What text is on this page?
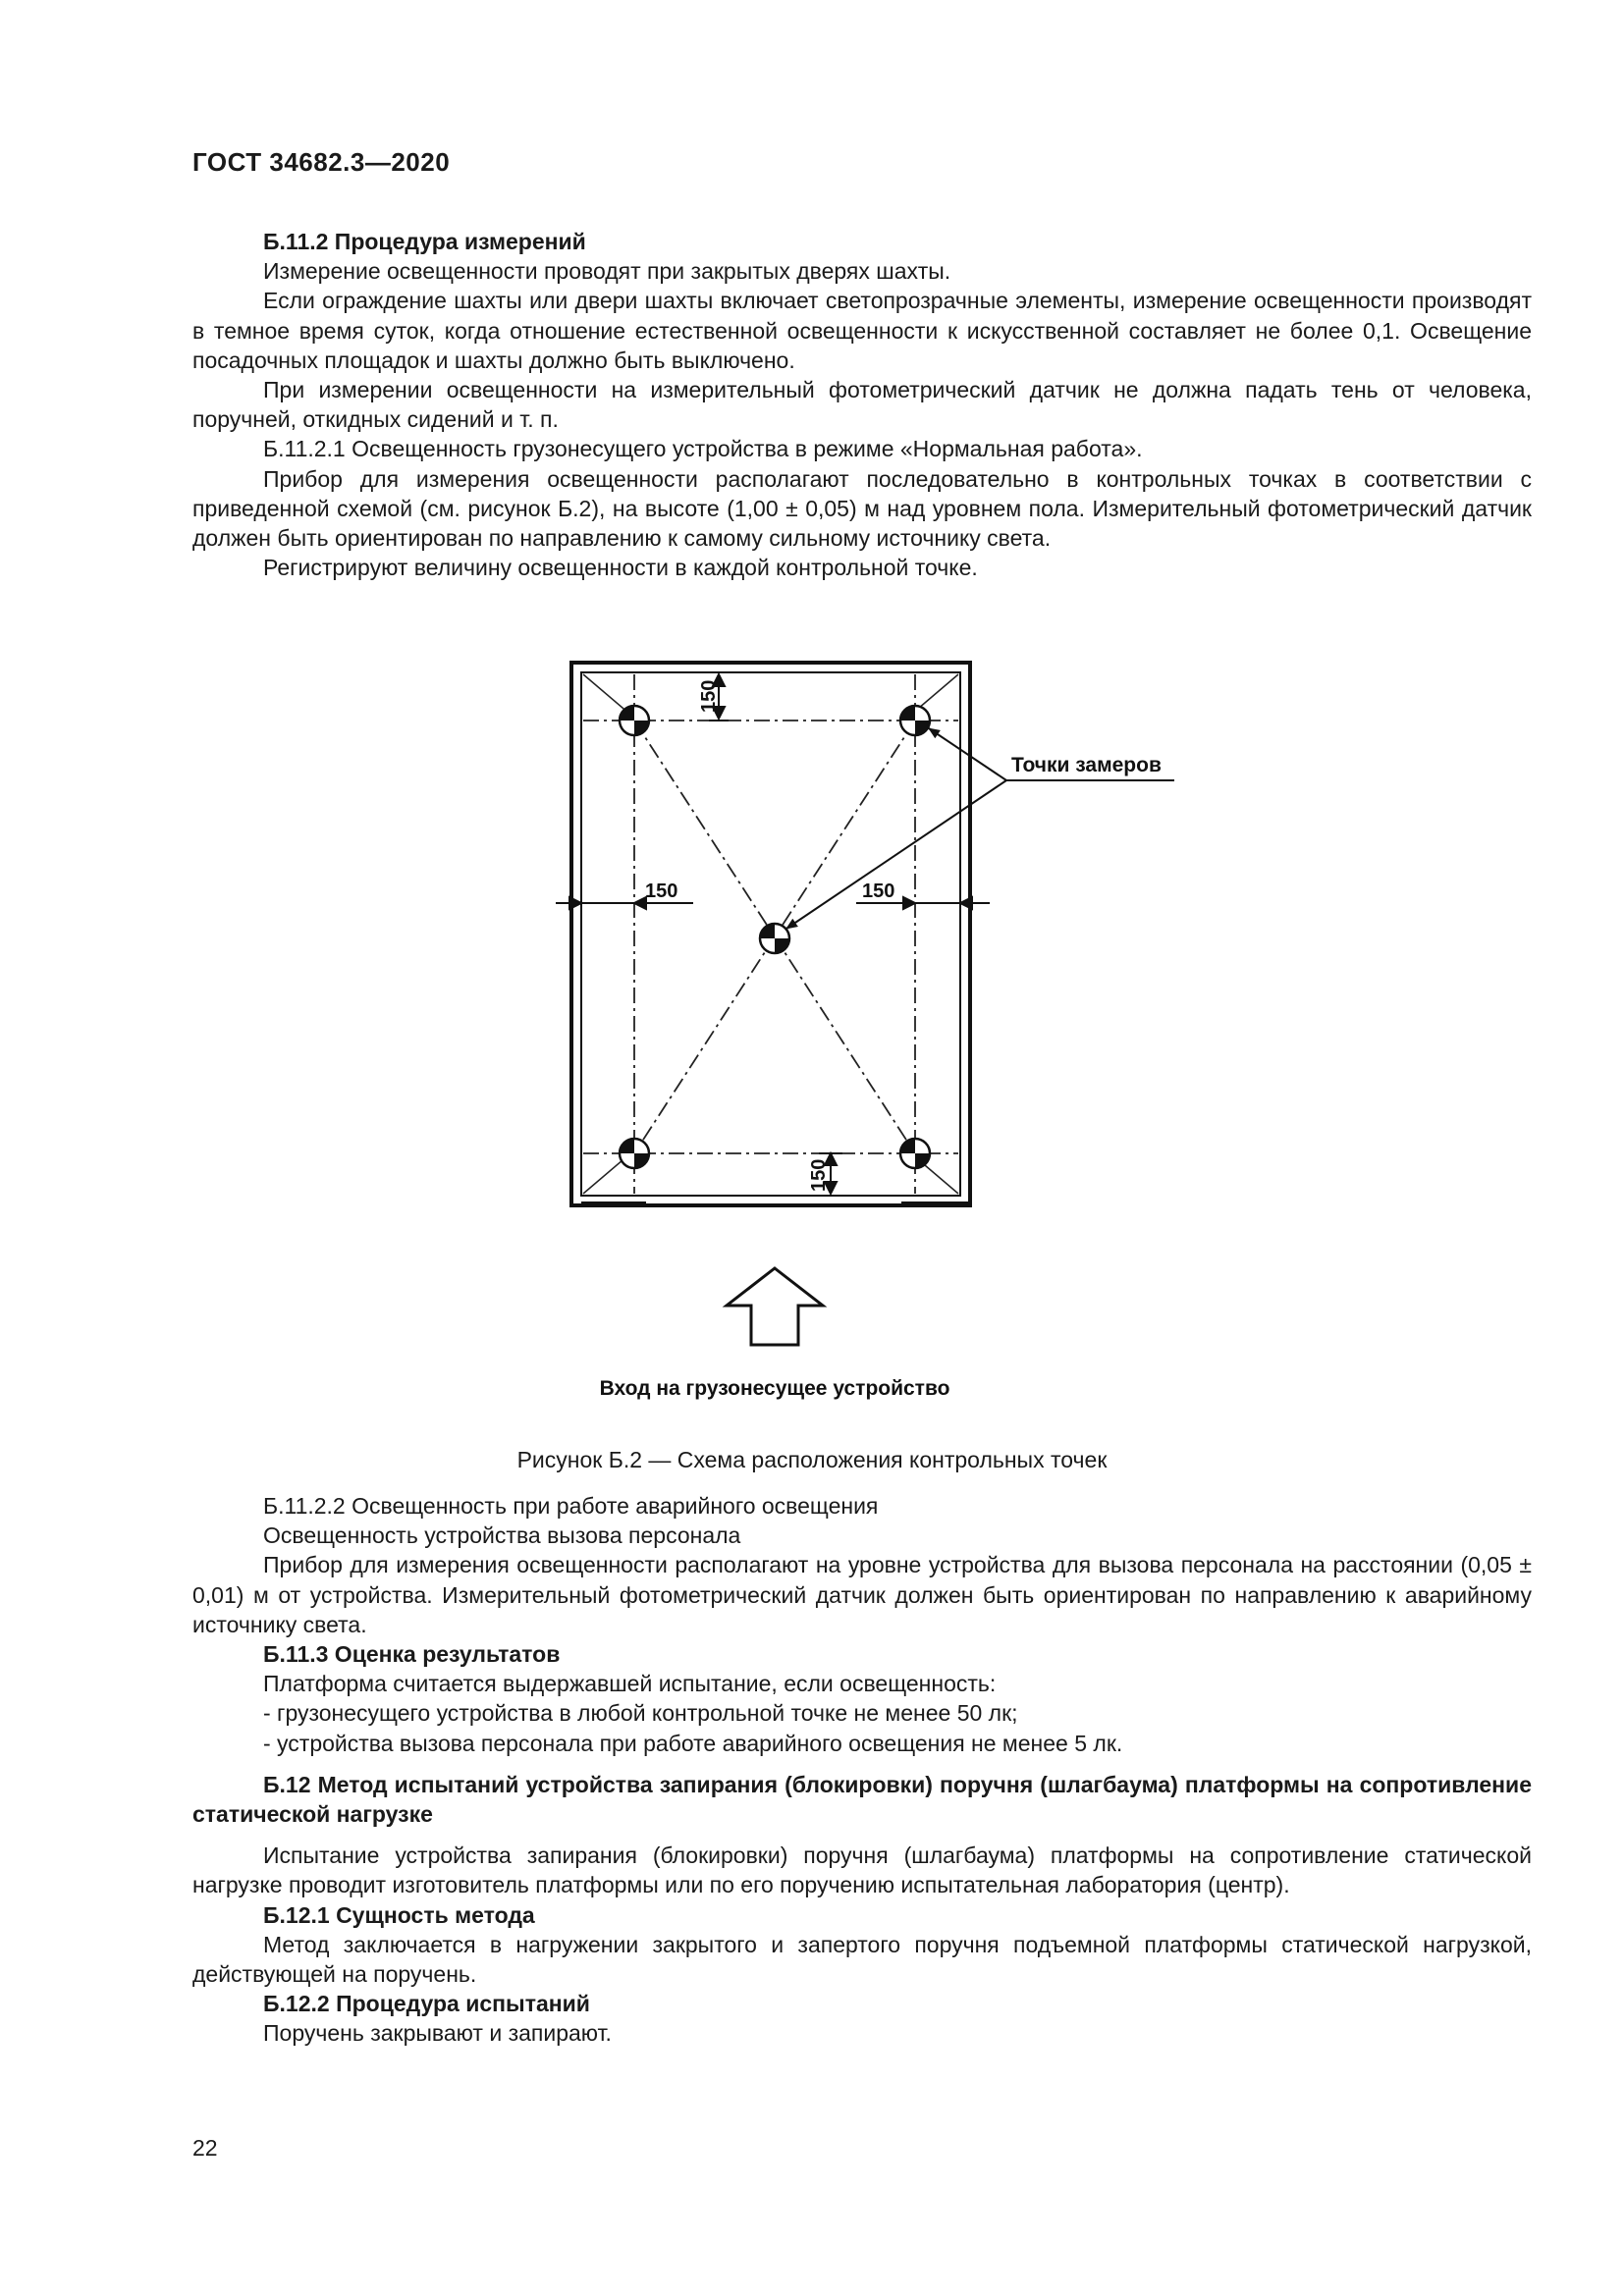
ГОСТ 34682.3—2020

Б.11.2 Процедура измерений

Измерение освещенности проводят при закрытых дверях шахты.

Если ограждение шахты или двери шахты включает светопрозрачные элементы, измерение освещенности производят в темное время суток, когда отношение естественной освещенности к искусственной составляет не более 0,1. Освещение посадочных площадок и шахты должно быть выключено.

При измерении освещенности на измерительный фотометрический датчик не должна падать тень от человека, поручней, откидных сидений и т. п.

Б.11.2.1 Освещенность грузонесущего устройства в режиме «Нормальная работа».

Прибор для измерения освещенности располагают последовательно в контрольных точках в соответствии с приведенной схемой (см. рисунок Б.2), на высоте (1,00 ± 0,05) м над уровнем пола. Измерительный фотометрический датчик должен быть ориентирован по направлению к самому сильному источнику света.

Регистрируют величину освещенности в каждой контрольной точке.

Точки замеров
150
150	150
150
Вход на грузонесущее устройство
Рисунок Б.2 — Схема расположения контрольных точек

Б.11.2.2 Освещенность при работе аварийного освещения

Освещенность устройства вызова персонала

Прибор для измерения освещенности располагают на уровне устройства для вызова персонала на расстоянии (0,05 ± 0,01) м от устройства. Измерительный фотометрический датчик должен быть ориентирован по направлению к аварийному источнику света.

Б.11.3 Оценка результатов

Платформа считается выдержавшей испытание, если освещенность:

- грузонесущего устройства в любой контрольной точке не менее 50 лк;

- устройства вызова персонала при работе аварийного освещения не менее 5 лк.

Б.12 Метод испытаний устройства запирания (блокировки) поручня (шлагбаума) платформы на сопротивление статической нагрузке

Испытание устройства запирания (блокировки) поручня (шлагбаума) платформы на сопротивление статической нагрузке проводит изготовитель платформы или по его поручению испытательная лаборатория (центр).

Б.12.1 Сущность метода

Метод заключается в нагружении закрытого и запертого поручня подъемной платформы статической нагрузкой, действующей на поручень.

Б.12.2 Процедура испытаний

Поручень закрывают и запирают.

22
